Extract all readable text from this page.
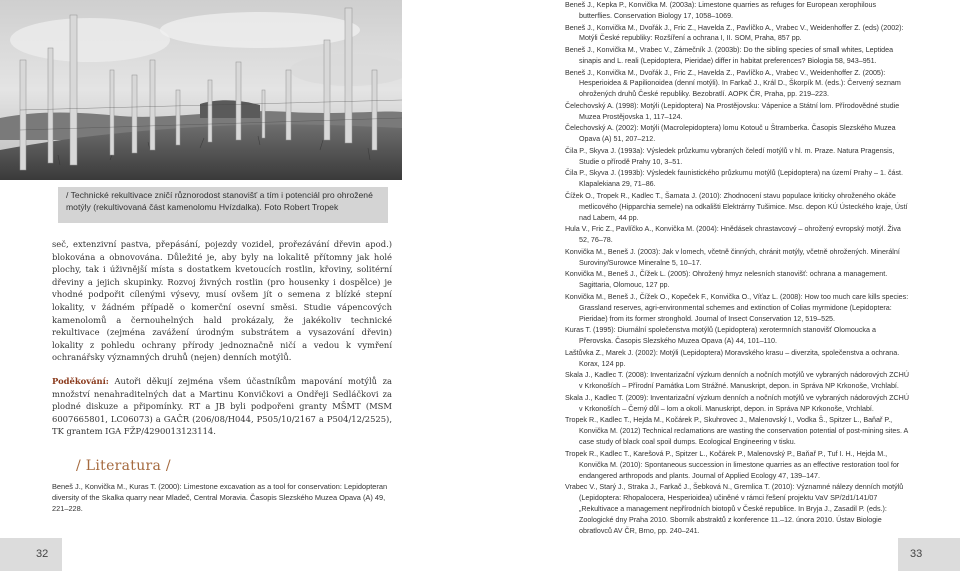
/ Technické rekultivace zničí různorodost stanovišť a tím i potenciál pro ohrožené motýly (rekultivovaná část kamenolomu Hvízdalka). Foto Robert Tropek

seč, extenzivní pastva, přepásání, pojezdy vozidel, prořezávání dřevin apod.) blokována a obnovována. Důležité je, aby byly na lokalitě přítomny jak holé plochy, tak i úživnější místa s dostatkem kvetoucích rostlin, křoviny, solitérní dřeviny a jejich skupinky. Rozvoj živných rostlin (pro housenky i dospělce) je vhodné podpořit cílenými výsevy, musí ovšem jít o semena z blízké stepní lokality, v žádném případě o komerční osevní směsi. Studie vápencových kamenolomů a černouhelných hald prokázaly, že jakékoliv technické rekultivace (zejména zavážení úrodným substrátem a vysazování dřevin) lokality z pohledu ochrany přírody jednoznačně ničí a vedou k vymření ochranářsky významných druhů (nejen) denních motýlů.

Poděkování: Autoři děkují zejména všem účastníkům mapování motýlů za množství nenahraditelných dat a Martinu Konvičkovi a Ondřeji Sedláčkovi za plodné diskuze a připomínky. RT a JB byli podpořeni granty MŠMT (MSM 6007665801, LC06073) a GAČR (206/08/H044, P505/10/2167 a P504/12/2525), TK grantem IGA FŽP/4290013123114.

/ Literatura /
Beneš J., Konvička M., Kuras T. (2000): Limestone excavation as a tool for conservation: Lepidopteran diversity of the Skalka quarry near Mladeč, Central Moravia. Časopis Slezského Muzea Opava (A) 49, 221–228.
Beneš J., Kepka P., Konvička M. (2003a): Limestone quarries as refuges for European xerophilous butterflies. Conservation Biology 17, 1058–1069.
Beneš J., Konvička M., Dvořák J., Fric Z., Havelda Z., Pavlíčko A., Vrabec V., Weidenhoffer Z. (eds) (2002): Motýli České republiky: Rozšíření a ochrana I, II. SOM, Praha, 857 pp.
Beneš J., Konvička M., Vrabec V., Zámečník J. (2003b): Do the sibling species of small whites, Leptidea sinapis and L. reali (Lepidoptera, Pieridae) differ in habitat preferences? Biologia 58, 943–951.
Beneš J., Konvička M., Dvořák J., Fric Z., Havelda Z., Pavlíčko A., Vrabec V., Weidenhoffer Z. (2005): Hesperioidea & Papilionoidea (denní motýli). In Farkač J., Král D., Škorpík M. (eds.): Červený seznam ohrožených druhů České republiky. Bezobratlí. AOPK ČR, Praha, pp. 219–223.
Čelechovský A. (1998): Motýli (Lepidoptera) Na Prostějovsku: Vápenice a Státní lom. Přírodovědné studie Muzea Prostějovska 1, 117–124.
Čelechovský A. (2002): Motýli (Macrolepidoptera) lomu Kotouč u Štramberka. Časopis Slezského Muzea Opava (A) 51, 207–212.
Čila P., Skyva J. (1993a): Výsledek průzkumu vybraných čeledí motýlů v hl. m. Praze. Natura Pragensis, Studie o přírodě Prahy 10, 3–51.
Čila P., Skyva J. (1993b): Výsledek faunistického průzkumu motýlů (Lepidoptera) na území Prahy – 1. část. Klapalekiana 29, 71–86.
Čížek O., Tropek R., Kadlec T., Šamata J. (2010): Zhodnocení stavu populace kriticky ohroženého okáče metlicového (Hipparchia semele) na odkališti Elektrárny Tušimice. Msc. depon KÚ Ústeckého kraje, Ústí nad Labem, 44 pp.
Hula V., Fric Z., Pavlíčko A., Konvička M. (2004): Hnědásek chrastavcový – ohrožený evropský motýl. Živa 52, 76–78.
Konvička M., Beneš J. (2003): Jak v lomech, včetně činných, chránit motýly, včetně ohrožených. Minerální Suroviny/Surowce Mineralne 5, 10–17.
Konvička M., Beneš J., Čížek L. (2005): Ohrožený hmyz nelesních stanovišť: ochrana a management. Sagittaria, Olomouc, 127 pp.
Konvička M., Beneš J., Čížek O., Kopeček F., Konvička O., Víťaz L. (2008): How too much care kills species: Grassland reserves, agri-environmental schemes and extinction of Colias myrmidone (Lepidoptera: Pieridae) from its former stronghold. Journal of Insect Conservation 12, 519–525.
Kuras T. (1995): Diurnální společenstva motýlů (Lepidoptera) xerotermních stanovišť Olomoucka a Přerovska. Časopis Slezského Muzea Opava (A) 44, 101–110.
Laštůvka Z., Marek J. (2002): Motýli (Lepidoptera) Moravského krasu – diverzita, společenstva a ochrana. Korax, 124 pp.
Skala J., Kadlec T. (2008): Inventarizační výzkum denních a nočních motýlů ve vybraných nádorových ZCHÚ v Krkonoších – Přírodní Památka Lom Strážné. Manuskript, depon. in Správa NP Krkonoše, Vrchlabí.
Skala J., Kadlec T. (2009): Inventarizační výzkum denních a nočních motýlů ve vybraných nádorových ZCHÚ v Krkonoších – Černý důl – lom a okolí. Manuskript, depon. in Správa NP Krkonoše, Vrchlabí.
Tropek R., Kadlec T., Hejda M., Kočárek P., Skuhrovec J., Malenovský I., Vodka Š., Spitzer L., Baňař P., Konvička M. (2012) Technical reclamations are wasting the conservation potential of post-mining sites. A case study of black coal spoil dumps. Ecological Engineering v tisku.
Tropek R., Kadlec T., Karešová P., Spitzer L., Kočárek P., Malenovský P., Baňař P., Tuf I. H., Hejda M., Konvička M. (2010): Spontaneous succession in limestone quarries as an effective restoration tool for endangered arthropods and plants. Journal of Applied Ecology 47, 139–147.
Vrabec V., Starý J., Straka J., Farkač J., Šebková N., Gremlica T. (2010): Významné nálezy denních motýlů (Lepidoptera: Rhopalocera, Hesperioidea) učiněné v rámci řešení projektu VaV SP/2d1/141/07 „Rekultivace a management nepřírodních biotopů v České republice. In Bryja J., Zasadil P. (eds.): Zoologické dny Praha 2010. Sborník abstraktů z konference 11.–12. února 2010. Ústav Biologie obratlovců AV ČR, Brno, pp. 240–241.
32	33
